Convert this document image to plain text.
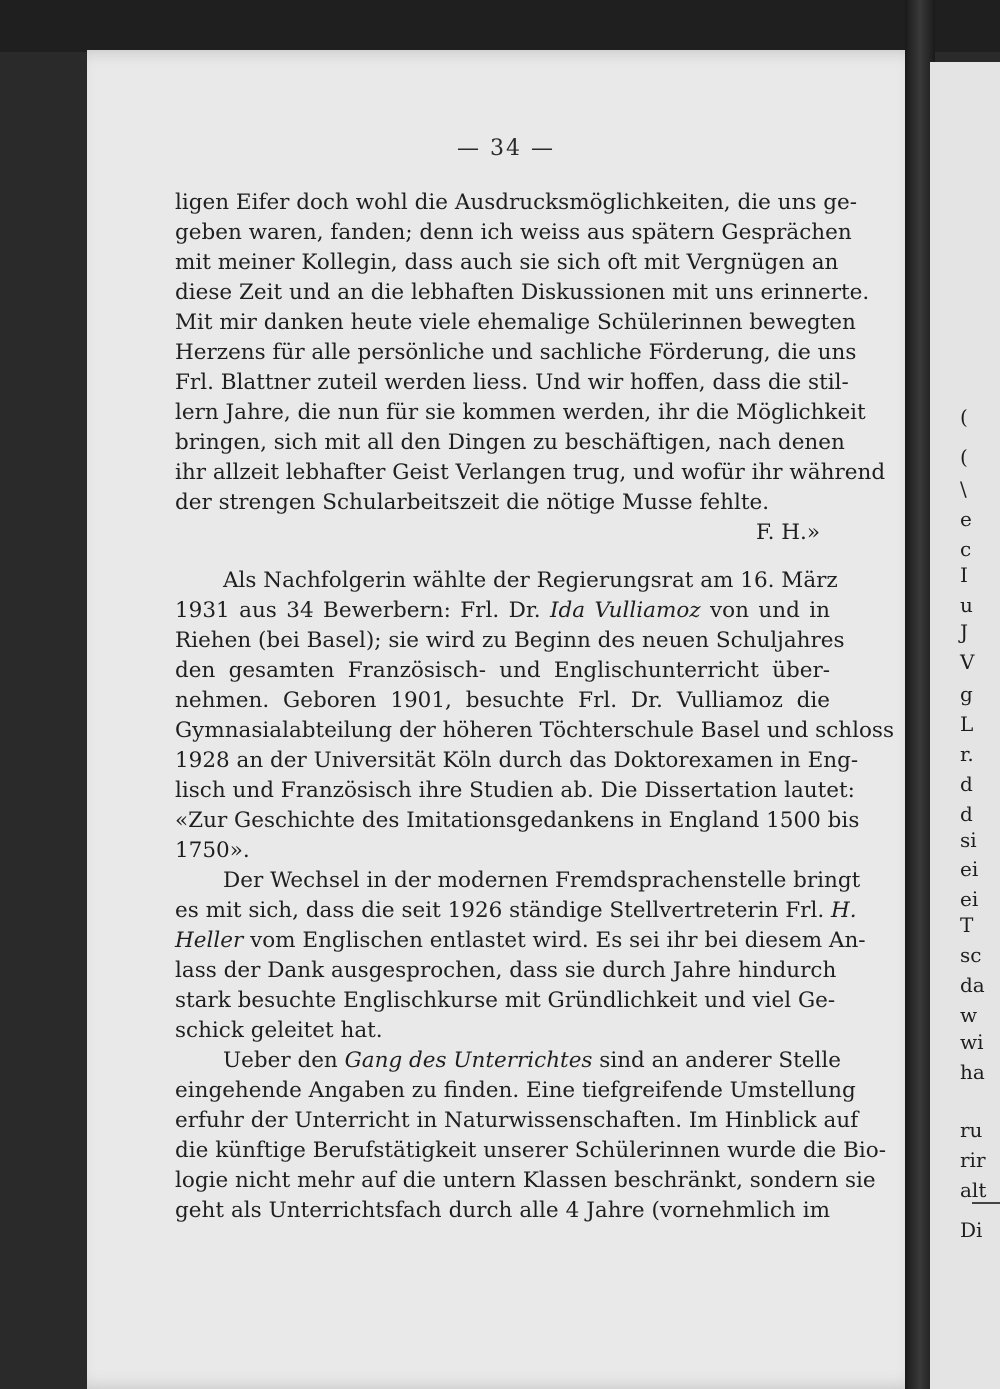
(
(
\
e
c
I
u
J
V
g
L
r.
d
d
si
ei
ei
T
sc
da
w
wi
ha
ru
rir
alt
Di
— 34 —
ligen Eifer doch wohl die Ausdrucksmöglichkeiten, die uns ge-
geben waren, fanden; denn ich weiss aus spätern Gesprächen
mit meiner Kollegin, dass auch sie sich oft mit Vergnügen an
diese Zeit und an die lebhaften Diskussionen mit uns erinnerte.
Mit mir danken heute viele ehemalige Schülerinnen bewegten
Herzens für alle persönliche und sachliche Förderung, die uns
Frl. Blattner zuteil werden liess. Und wir hoffen, dass die stil-
lern Jahre, die nun für sie kommen werden, ihr die Möglichkeit
bringen, sich mit all den Dingen zu beschäftigen, nach denen
ihr allzeit lebhafter Geist Verlangen trug, und wofür ihr während
der strengen Schularbeitszeit die nötige Musse fehlte.
F. H.»
Als Nachfolgerin wählte der Regierungsrat am 16. März
1931 aus 34 Bewerbern: Frl. Dr. Ida Vulliamoz von und in
Riehen (bei Basel); sie wird zu Beginn des neuen Schuljahres
den gesamten Französisch- und Englischunterricht über-
nehmen. Geboren 1901, besuchte Frl. Dr. Vulliamoz die
Gymnasialabteilung der höheren Töchterschule Basel und schloss
1928 an der Universität Köln durch das Doktorexamen in Eng-
lisch und Französisch ihre Studien ab. Die Dissertation lautet:
«Zur Geschichte des Imitationsgedankens in England 1500 bis
1750».
Der Wechsel in der modernen Fremdsprachenstelle bringt
es mit sich, dass die seit 1926 ständige Stellvertreterin Frl. H.
Heller vom Englischen entlastet wird. Es sei ihr bei diesem An-
lass der Dank ausgesprochen, dass sie durch Jahre hindurch
stark besuchte Englischkurse mit Gründlichkeit und viel Ge-
schick geleitet hat.
Ueber den Gang des Unterrichtes sind an anderer Stelle
eingehende Angaben zu finden. Eine tiefgreifende Umstellung
erfuhr der Unterricht in Naturwissenschaften. Im Hinblick auf
die künftige Berufstätigkeit unserer Schülerinnen wurde die Bio-
logie nicht mehr auf die untern Klassen beschränkt, sondern sie
geht als Unterrichtsfach durch alle 4 Jahre (vornehmlich im
